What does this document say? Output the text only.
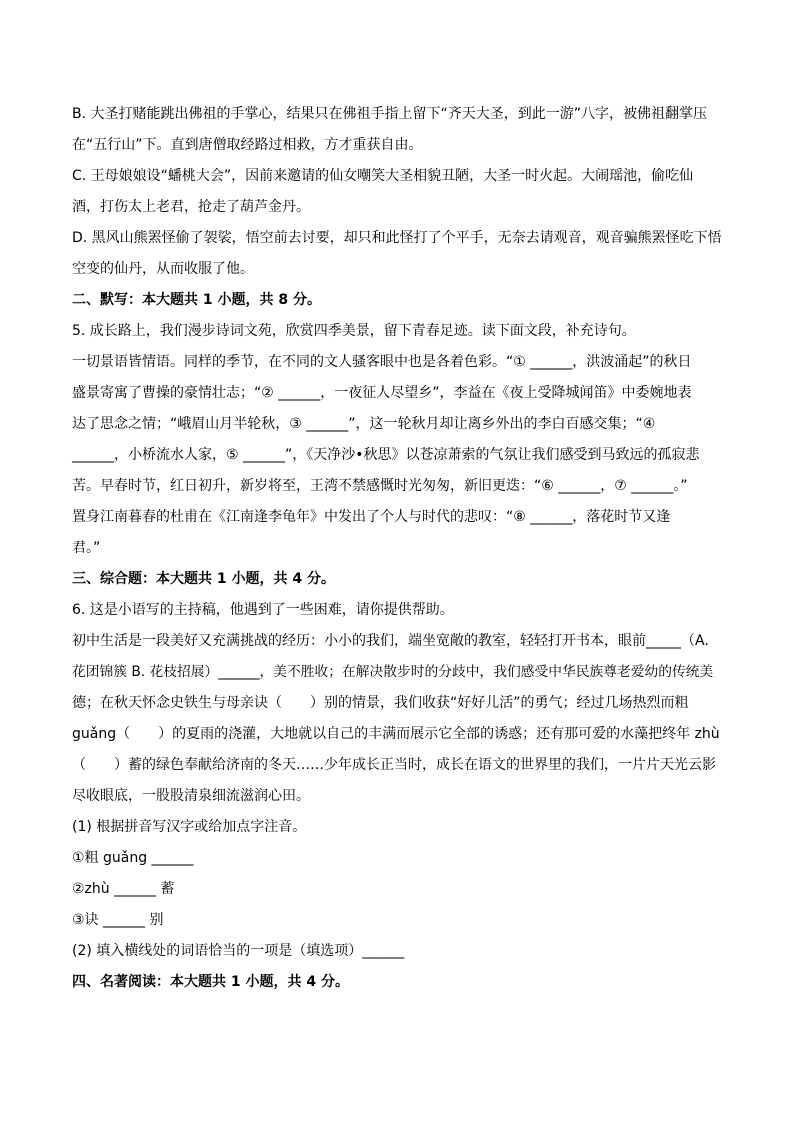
B. 大圣打赌能跳出佛祖的手掌心，结果只在佛祖手指上留下“齐天大圣，到此一游”八字，被佛祖翻掌压

在“五行山”下。直到唐僧取经路过相救，方才重获自由。

C. 王母娘娘设“蟠桃大会”，因前来邀请的仙女嘲笑大圣相貌丑陋，大圣一时火起。大闹瑶池，偷吃仙

酒，打伤太上老君，抢走了葫芦金丹。

D. 黑风山熊罴怪偷了袈裟，悟空前去讨要，却只和此怪打了个平手，无奈去请观音，观音骗熊罴怪吃下悟

空变的仙丹，从而收服了他。

二、默写：本大题共 1 小题，共 8 分。

5. 成长路上，我们漫步诗词文苑，欣赏四季美景，留下青春足迹。读下面文段，补充诗句。

一切景语皆情语。同样的季节，在不同的文人骚客眼中也是各着色彩。“① ______，洪波涌起”的秋日

盛景寄寓了曹操的豪情壮志；“② ______，一夜征人尽望乡”，李益在《夜上受降城闻笛》中委婉地表

达了思念之情；“峨眉山月半轮秋，③ ______”，这一轮秋月却让离乡外出的李白百感交集；“④

______，小桥流水人家，⑤ ______”，《天净沙•秋思》以苍凉萧索的气氛让我们感受到马致远的孤寂悲

苦。早春时节，红日初升，新岁将至，王湾不禁感慨时光匆匆，新旧更迭：“⑥ ______，⑦ ______。”

置身江南暮春的杜甫在《江南逢李龟年》中发出了个人与时代的悲叹：“⑧ ______，落花时节又逢

君。”

三、综合题：本大题共 1 小题，共 4 分。

6. 这是小语写的主持稿，他遇到了一些困难，请你提供帮助。

初中生活是一段美好又充满挑战的经历：小小的我们，端坐宽敞的教室，轻轻打开书本，眼前_____（A.

花团锦簇 B. 花枝招展）______，美不胜收；在解决散步时的分歧中，我们感受中华民族尊老爱幼的传统美

德；在秋天怀念史铁生与母亲诀（　　）别的情景，我们收获“好好儿活”的勇气；经过几场热烈而粗

guǎng（　　）的夏雨的浇灌，大地就以自己的丰满而展示它全部的诱惑；还有那可爱的水藻把终年 zhù

（　　）蓄的绿色奉献给济南的冬天……少年成长正当时，成长在语文的世界里的我们，一片片天光云影

尽收眼底，一股股清泉细流滋润心田。

(1) 根据拼音写汉字或给加点字注音。

①粗 guǎng ______

②zhù ______ 蓄

③诀 ______ 别

(2) 填入横线处的词语恰当的一项是（填选项）______

四、名著阅读：本大题共 1 小题，共 4 分。
